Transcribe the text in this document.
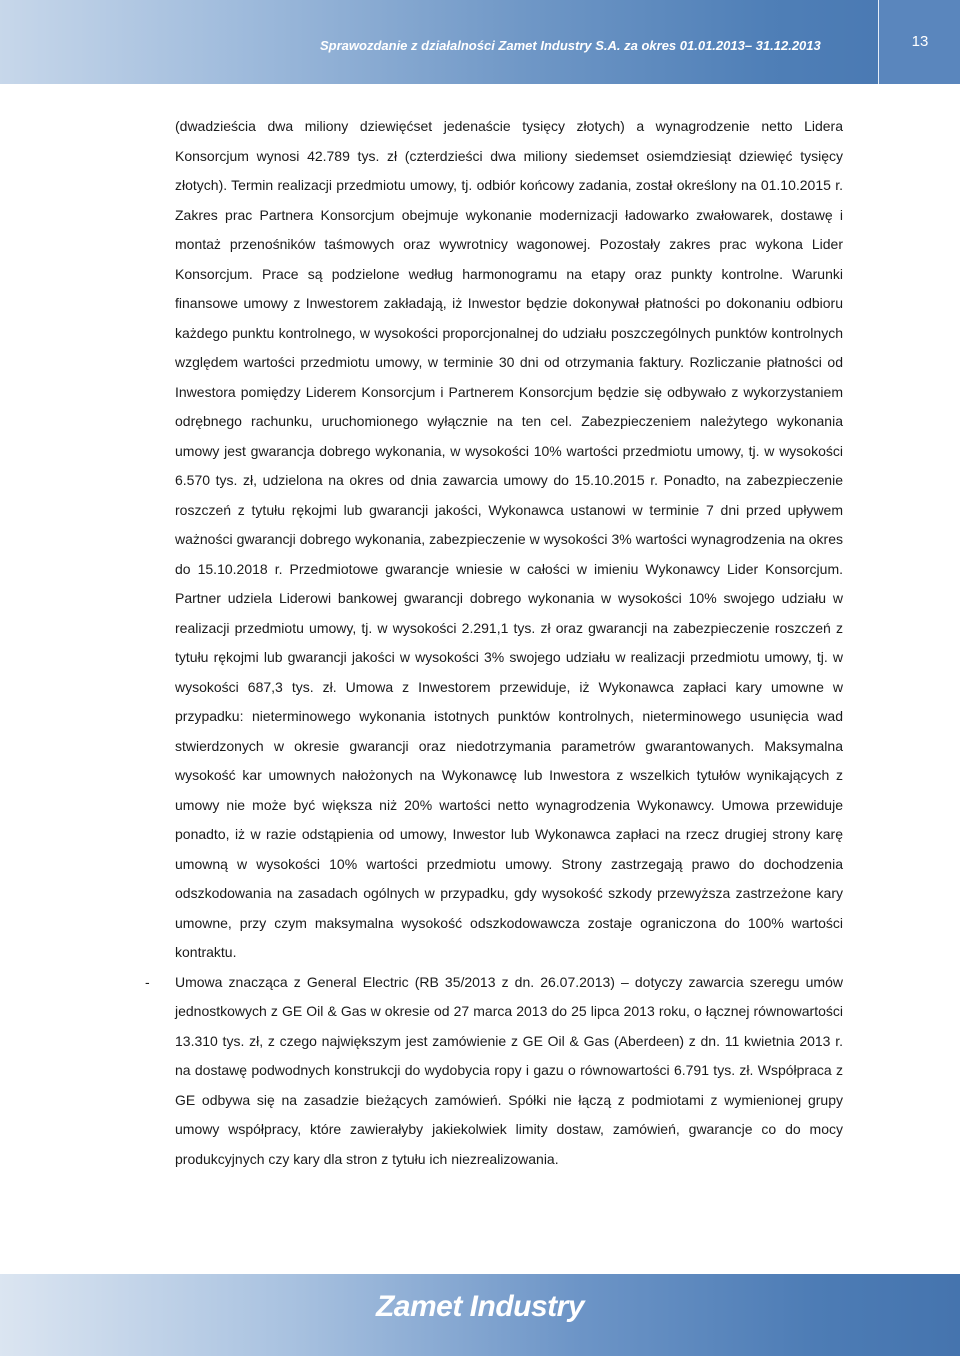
Sprawozdanie z działalności Zamet Industry S.A. za okres 01.01.2013– 31.12.2013	13

(dwadzieścia dwa miliony dziewięćset jedenaście tysięcy złotych) a wynagrodzenie netto Lidera Konsorcjum wynosi 42.789 tys. zł (czterdzieści dwa miliony siedemset osiemdziesiąt dziewięć tysięcy złotych). Termin realizacji przedmiotu umowy, tj. odbiór końcowy zadania, został określony na 01.10.2015 r. Zakres prac Partnera Konsorcjum obejmuje wykonanie modernizacji ładowarko zwałowarek, dostawę i montaż przenośników taśmowych oraz wywrotnicy wagonowej. Pozostały zakres prac wykona Lider Konsorcjum. Prace są podzielone według harmonogramu na etapy oraz punkty kontrolne. Warunki finansowe umowy z Inwestorem zakładają, iż Inwestor będzie dokonywał płatności po dokonaniu odbioru każdego punktu kontrolnego, w wysokości proporcjonalnej do udziału poszczególnych punktów kontrolnych względem wartości przedmiotu umowy, w terminie 30 dni od otrzymania faktury. Rozliczanie płatności od Inwestora pomiędzy Liderem Konsorcjum i Partnerem Konsorcjum będzie się odbywało z wykorzystaniem odrębnego rachunku, uruchomionego wyłącznie na ten cel. Zabezpieczeniem należytego wykonania umowy jest gwarancja dobrego wykonania, w wysokości 10% wartości przedmiotu umowy, tj. w wysokości 6.570 tys. zł, udzielona na okres od dnia zawarcia umowy do 15.10.2015 r. Ponadto, na zabezpieczenie roszczeń z tytułu rękojmi lub gwarancji jakości, Wykonawca ustanowi w terminie 7 dni przed upływem ważności gwarancji dobrego wykonania, zabezpieczenie w wysokości 3% wartości wynagrodzenia na okres do 15.10.2018 r. Przedmiotowe gwarancje wniesie w całości w imieniu Wykonawcy Lider Konsorcjum. Partner udziela Liderowi bankowej gwarancji dobrego wykonania w wysokości 10% swojego udziału w realizacji przedmiotu umowy, tj. w wysokości 2.291,1 tys. zł oraz gwarancji na zabezpieczenie roszczeń z tytułu rękojmi lub gwarancji jakości w wysokości 3% swojego udziału w realizacji przedmiotu umowy, tj. w wysokości 687,3 tys. zł. Umowa z Inwestorem przewiduje, iż Wykonawca zapłaci kary umowne w przypadku: nieterminowego wykonania istotnych punktów kontrolnych, nieterminowego usunięcia wad stwierdzonych w okresie gwarancji oraz niedotrzymania parametrów gwarantowanych. Maksymalna wysokość kar umownych nałożonych na Wykonawcę lub Inwestora z wszelkich tytułów wynikających z umowy nie może być większa niż 20% wartości netto wynagrodzenia Wykonawcy. Umowa przewiduje ponadto, iż w razie odstąpienia od umowy, Inwestor lub Wykonawca zapłaci na rzecz drugiej strony karę umowną w wysokości 10% wartości przedmiotu umowy. Strony zastrzegają prawo do dochodzenia odszkodowania na zasadach ogólnych w przypadku, gdy wysokość szkody przewyższa zastrzeżone kary umowne, przy czym maksymalna wysokość odszkodowawcza zostaje ograniczona do 100% wartości kontraktu.

- Umowa znacząca z General Electric (RB 35/2013 z dn. 26.07.2013) – dotyczy zawarcia szeregu umów jednostkowych z GE Oil & Gas w okresie od 27 marca 2013 do 25 lipca 2013 roku, o łącznej równowartości 13.310 tys. zł, z czego największym jest zamówienie z GE Oil & Gas (Aberdeen) z dn. 11 kwietnia 2013 r. na dostawę podwodnych konstrukcji do wydobycia ropy i gazu o równowartości 6.791 tys. zł. Współpraca z GE odbywa się na zasadzie bieżących zamówień. Spółki nie łączą z podmiotami z wymienionej grupy umowy współpracy, które zawierałyby jakiekolwiek limity dostaw, zamówień, gwarancje co do mocy produkcyjnych czy kary dla stron z tytułu ich niezrealizowania.

Zamet Industry
